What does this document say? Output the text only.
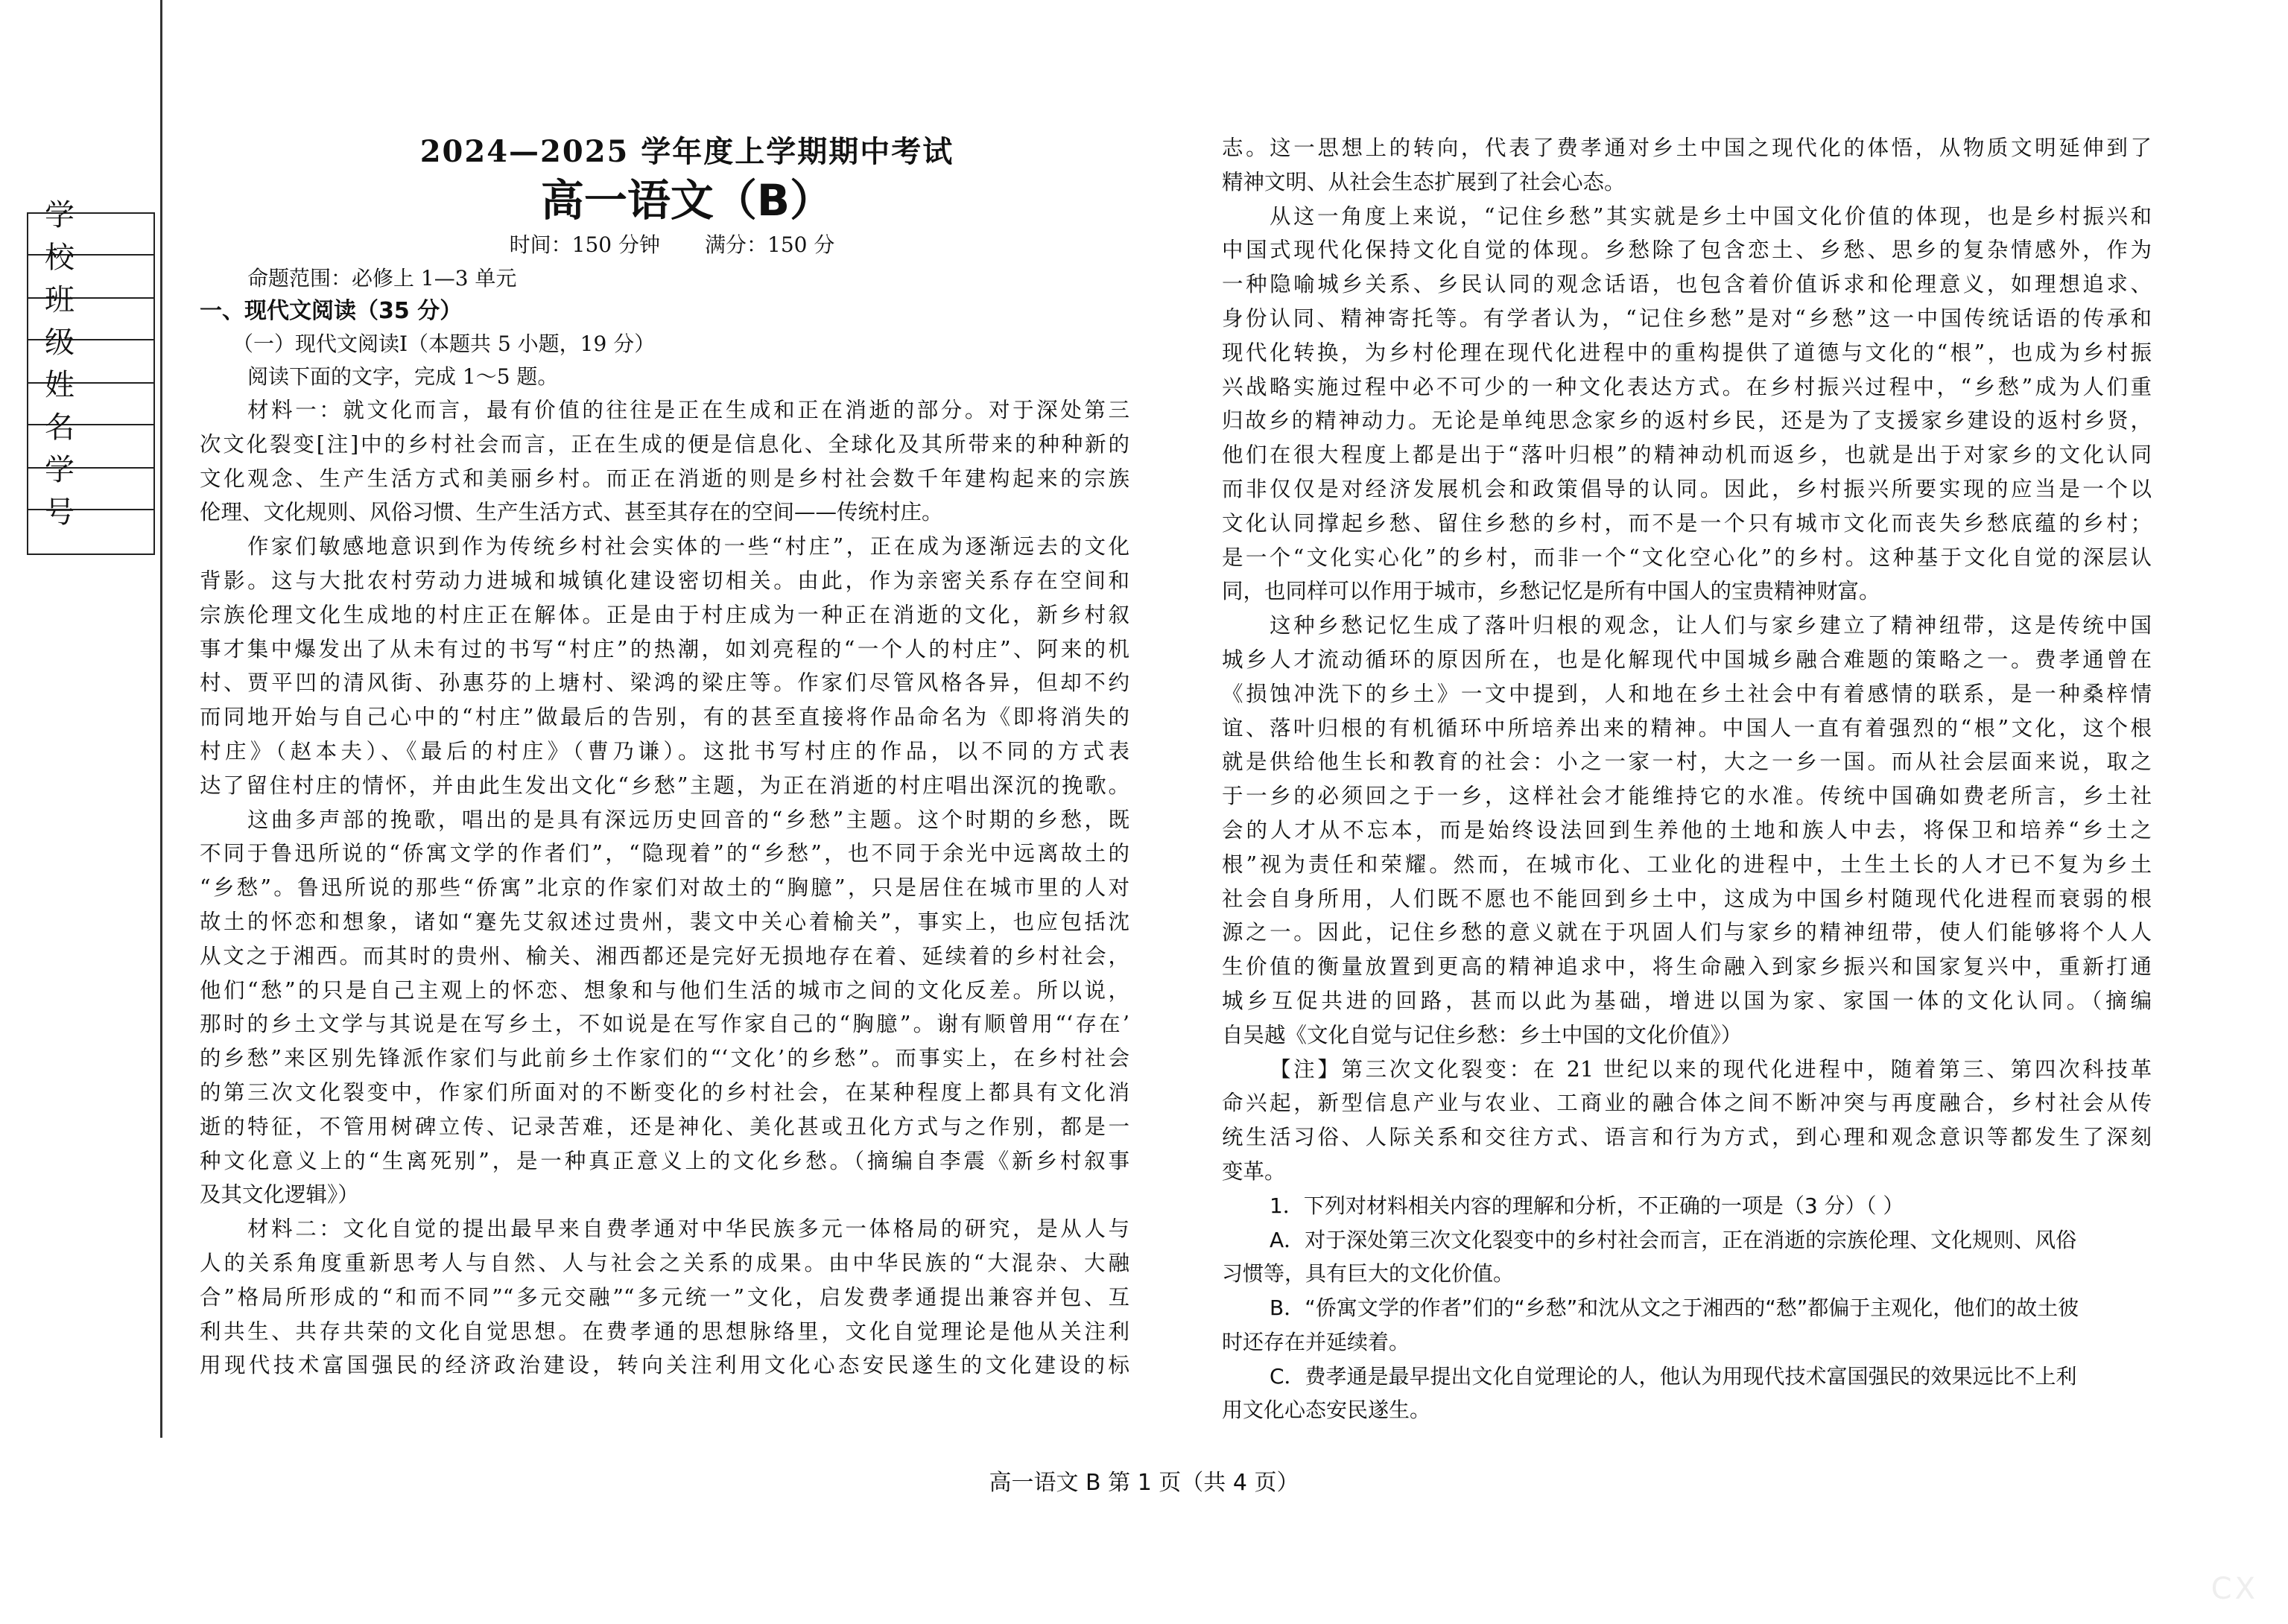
学 校
班 级
姓 名
学 号
2024—2025 学年度上学期期中考试
高一语文（B）
时间：150 分钟 满分：150 分
命题范围：必修上 1—3 单元
一、现代文阅读（35 分）
（一）现代文阅读Ⅰ（本题共 5 小题，19 分）
阅读下面的文字，完成 1～5 题。
材料一：就文化而言，最有价值的往往是正在生成和正在消逝的部分。对于深处第三
次文化裂变[注]中的乡村社会而言，正在生成的便是信息化、全球化及其所带来的种种新的
文化观念、生产生活方式和美丽乡村。而正在消逝的则是乡村社会数千年建构起来的宗族
伦理、文化规则、风俗习惯、生产生活方式、甚至其存在的空间——传统村庄。
作家们敏感地意识到作为传统乡村社会实体的一些“村庄”，正在成为逐渐远去的文化
背影。这与大批农村劳动力进城和城镇化建设密切相关。由此，作为亲密关系存在空间和
宗族伦理文化生成地的村庄正在解体。正是由于村庄成为一种正在消逝的文化，新乡村叙
事才集中爆发出了从未有过的书写“村庄”的热潮，如刘亮程的“一个人的村庄”、阿来的机
村、贾平凹的清风街、孙惠芬的上塘村、梁鸿的梁庄等。作家们尽管风格各异，但却不约
而同地开始与自己心中的“村庄”做最后的告别，有的甚至直接将作品命名为《即将消失的
村庄》（赵本夫）、《最后的村庄》（曹乃谦）。这批书写村庄的作品，以不同的方式表
达了留住村庄的情怀，并由此生发出文化“乡愁”主题，为正在消逝的村庄唱出深沉的挽歌。
这曲多声部的挽歌，唱出的是具有深远历史回音的“乡愁”主题。这个时期的乡愁，既
不同于鲁迅所说的“侨寓文学的作者们”，“隐现着”的“乡愁”，也不同于余光中远离故土的
“乡愁”。鲁迅所说的那些“侨寓”北京的作家们对故土的“胸臆”，只是居住在城市里的人对
故土的怀恋和想象，诸如“蹇先艾叙述过贵州，裴文中关心着榆关”，事实上，也应包括沈
从文之于湘西。而其时的贵州、榆关、湘西都还是完好无损地存在着、延续着的乡村社会，
他们“愁”的只是自己主观上的怀恋、想象和与他们生活的城市之间的文化反差。所以说，
那时的乡土文学与其说是在写乡土，不如说是在写作家自己的“胸臆”。谢有顺曾用“‘存在’
的乡愁”来区别先锋派作家们与此前乡土作家们的“‘文化’的乡愁”。而事实上，在乡村社会
的第三次文化裂变中，作家们所面对的不断变化的乡村社会，在某种程度上都具有文化消
逝的特征，不管用树碑立传、记录苦难，还是神化、美化甚或丑化方式与之作别，都是一
种文化意义上的“生离死别”，是一种真正意义上的文化乡愁。（摘编自李震《新乡村叙事
及其文化逻辑》）
材料二：文化自觉的提出最早来自费孝通对中华民族多元一体格局的研究，是从人与
人的关系角度重新思考人与自然、人与社会之关系的成果。由中华民族的“大混杂、大融
合”格局所形成的“和而不同”“多元交融”“多元统一”文化，启发费孝通提出兼容并包、互
利共生、共存共荣的文化自觉思想。在费孝通的思想脉络里，文化自觉理论是他从关注利
用现代技术富国强民的经济政治建设，转向关注利用文化心态安民遂生的文化建设的标
志。这一思想上的转向，代表了费孝通对乡土中国之现代化的体悟，从物质文明延伸到了
精神文明、从社会生态扩展到了社会心态。
从这一角度上来说，“记住乡愁”其实就是乡土中国文化价值的体现，也是乡村振兴和
中国式现代化保持文化自觉的体现。乡愁除了包含恋土、乡愁、思乡的复杂情感外，作为
一种隐喻城乡关系、乡民认同的观念话语，也包含着价值诉求和伦理意义，如理想追求、
身份认同、精神寄托等。有学者认为，“记住乡愁”是对“乡愁”这一中国传统话语的传承和
现代化转换，为乡村伦理在现代化进程中的重构提供了道德与文化的“根”，也成为乡村振
兴战略实施过程中必不可少的一种文化表达方式。在乡村振兴过程中，“乡愁”成为人们重
归故乡的精神动力。无论是单纯思念家乡的返村乡民，还是为了支援家乡建设的返村乡贤，
他们在很大程度上都是出于“落叶归根”的精神动机而返乡，也就是出于对家乡的文化认同
而非仅仅是对经济发展机会和政策倡导的认同。因此，乡村振兴所要实现的应当是一个以
文化认同撑起乡愁、留住乡愁的乡村，而不是一个只有城市文化而丧失乡愁底蕴的乡村；
是一个“文化实心化”的乡村，而非一个“文化空心化”的乡村。这种基于文化自觉的深层认
同，也同样可以作用于城市，乡愁记忆是所有中国人的宝贵精神财富。
这种乡愁记忆生成了落叶归根的观念，让人们与家乡建立了精神纽带，这是传统中国
城乡人才流动循环的原因所在，也是化解现代中国城乡融合难题的策略之一。费孝通曾在
《损蚀冲洗下的乡土》一文中提到，人和地在乡土社会中有着感情的联系，是一种桑梓情
谊、落叶归根的有机循环中所培养出来的精神。中国人一直有着强烈的“根”文化，这个根
就是供给他生长和教育的社会：小之一家一村，大之一乡一国。而从社会层面来说，取之
于一乡的必须回之于一乡，这样社会才能维持它的水准。传统中国确如费老所言，乡土社
会的人才从不忘本，而是始终设法回到生养他的土地和族人中去，将保卫和培养“乡土之
根”视为责任和荣耀。然而，在城市化、工业化的进程中，土生土长的人才已不复为乡土
社会自身所用，人们既不愿也不能回到乡土中，这成为中国乡村随现代化进程而衰弱的根
源之一。因此，记住乡愁的意义就在于巩固人们与家乡的精神纽带，使人们能够将个人人
生价值的衡量放置到更高的精神追求中，将生命融入到家乡振兴和国家复兴中，重新打通
城乡互促共进的回路，甚而以此为基础，增进以国为家、家国一体的文化认同。（摘编
自吴越《文化自觉与记住乡愁：乡土中国的文化价值》）
【注】第三次文化裂变：在 21 世纪以来的现代化进程中，随着第三、第四次科技革
命兴起，新型信息产业与农业、工商业的融合体之间不断冲突与再度融合，乡村社会从传
统生活习俗、人际关系和交往方式、语言和行为方式，到心理和观念意识等都发生了深刻
变革。
1．下列对材料相关内容的理解和分析，不正确的一项是（3 分）（ ）
A．对于深处第三次文化裂变中的乡村社会而言，正在消逝的宗族伦理、文化规则、风俗
习惯等，具有巨大的文化价值。
B．“侨寓文学的作者”们的“乡愁”和沈从文之于湘西的“愁”都偏于主观化，他们的故土彼
时还存在并延续着。
C．费孝通是最早提出文化自觉理论的人，他认为用现代技术富国强民的效果远比不上利
用文化心态安民遂生。
高一语文 B 第 1 页（共 4 页）
CX
